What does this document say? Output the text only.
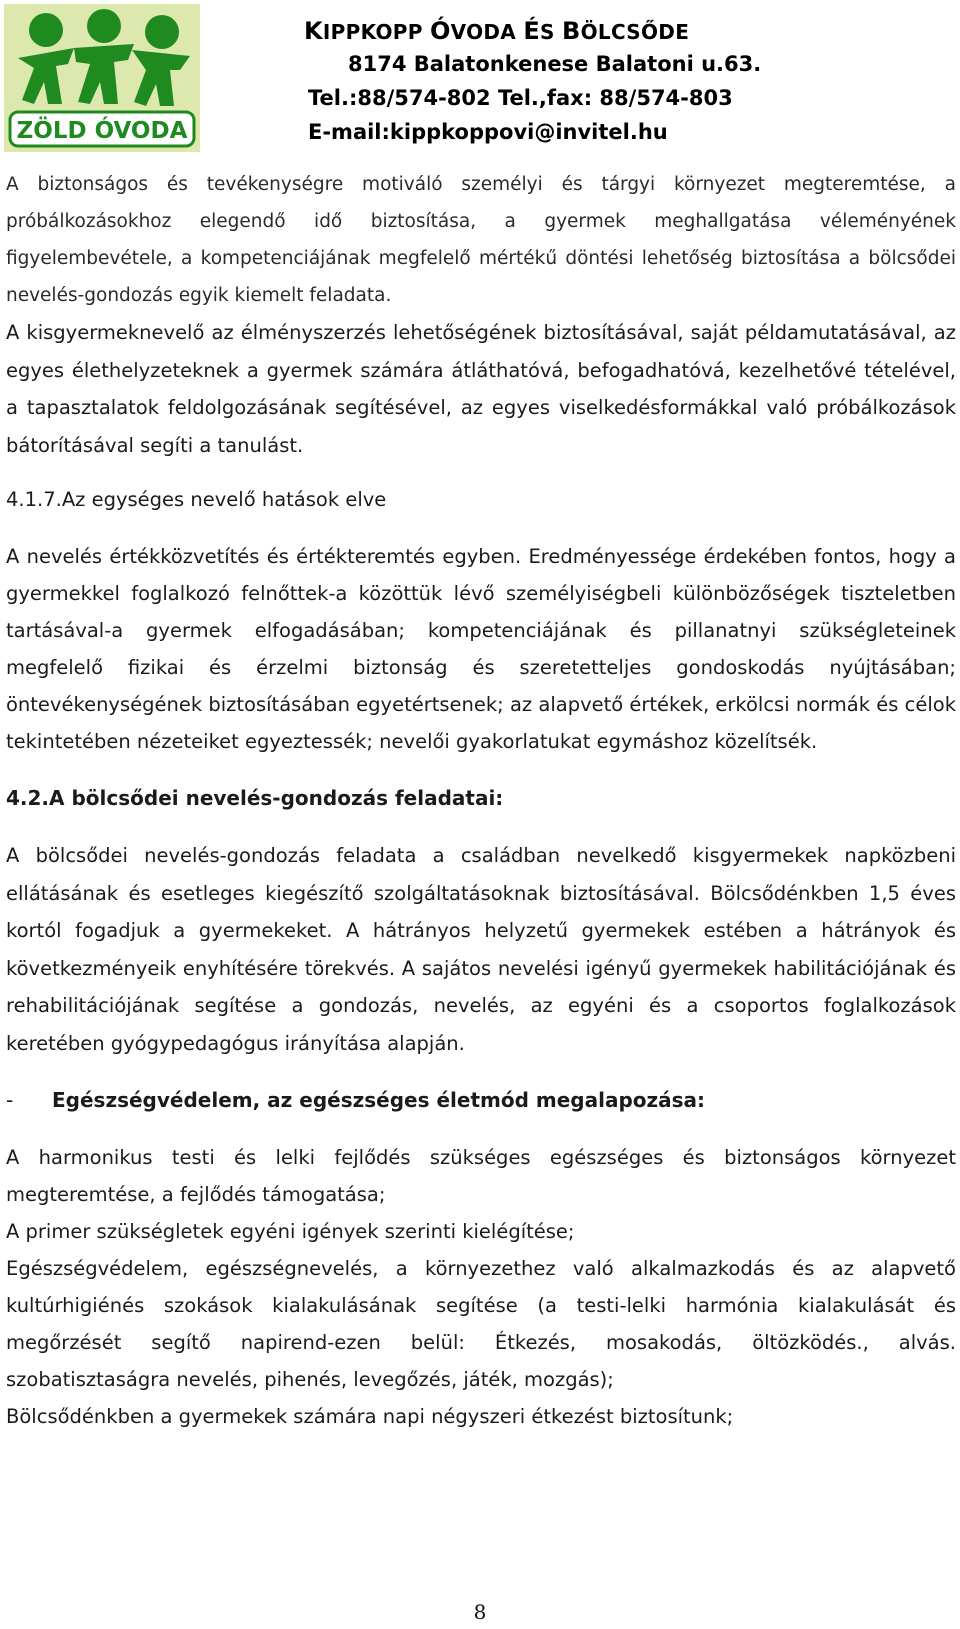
ZÖLD ÓVODA
KIPPKOPP ÓVODA ÉS BÖLCSŐDE
8174 Balatonkenese Balatoni u.63.
Tel.:88/574-802 Tel.,fax: 88/574-803
E-mail:kippkoppovi@invitel.hu
A biztonságos és tevékenységre motiváló személyi és tárgyi környezet megteremtése, a próbálkozásokhoz elegendő idő biztosítása, a gyermek meghallgatása véleményének figyelembevétele, a kompetenciájának megfelelő mértékű döntési lehetőség biztosítása a bölcsődei nevelés-gondozás egyik kiemelt feladata.
A kisgyermeknevelő az élményszerzés lehetőségének biztosításával, saját példamutatásával, az egyes élethelyzeteknek a gyermek számára átláthatóvá, befogadhatóvá, kezelhetővé tételével, a tapasztalatok feldolgozásának segítésével, az egyes viselkedésformákkal való próbálkozások bátorításával segíti a tanulást.
4.1.7.Az egységes nevelő hatások elve
A nevelés értékközvetítés és értékteremtés egyben. Eredményessége érdekében fontos, hogy a gyermekkel foglalkozó felnőttek-a közöttük lévő személyiségbeli különbözőségek tiszteletben tartásával-a gyermek elfogadásában; kompetenciájának és pillanatnyi szükségleteinek megfelelő fizikai és érzelmi biztonság és szeretetteljes gondoskodás nyújtásában; öntevékenységének biztosításában egyetértsenek; az alapvető értékek, erkölcsi normák és célok tekintetében nézeteiket egyeztessék; nevelői gyakorlatukat egymáshoz közelítsék.
4.2.A bölcsődei nevelés-gondozás feladatai:
A bölcsődei nevelés-gondozás feladata a családban nevelkedő kisgyermekek napközbeni ellátásának és esetleges kiegészítő szolgáltatásoknak biztosításával. Bölcsődénkben 1,5 éves kortól fogadjuk a gyermekeket. A hátrányos helyzetű gyermekek estében a hátrányok és következményeik enyhítésére törekvés. A sajátos nevelési igényű gyermekek habilitációjának és rehabilitációjának segítése a gondozás, nevelés, az egyéni és a csoportos foglalkozások keretében gyógypedagógus irányítása alapján.
- Egészségvédelem, az egészséges életmód megalapozása:
A harmonikus testi és lelki fejlődés szükséges egészséges és biztonságos környezet megteremtése, a fejlődés támogatása;
A primer szükségletek egyéni igények szerinti kielégítése;
Egészségvédelem, egészségnevelés, a környezethez való alkalmazkodás és az alapvető kultúrhigiénés szokások kialakulásának segítése (a testi-lelki harmónia kialakulását és megőrzését segítő napirend-ezen belül: Étkezés, mosakodás, öltözködés., alvás. szobatisztaságra nevelés, pihenés, levegőzés, játék, mozgás);
Bölcsődénkben a gyermekek számára napi négyszeri étkezést biztosítunk;
8
